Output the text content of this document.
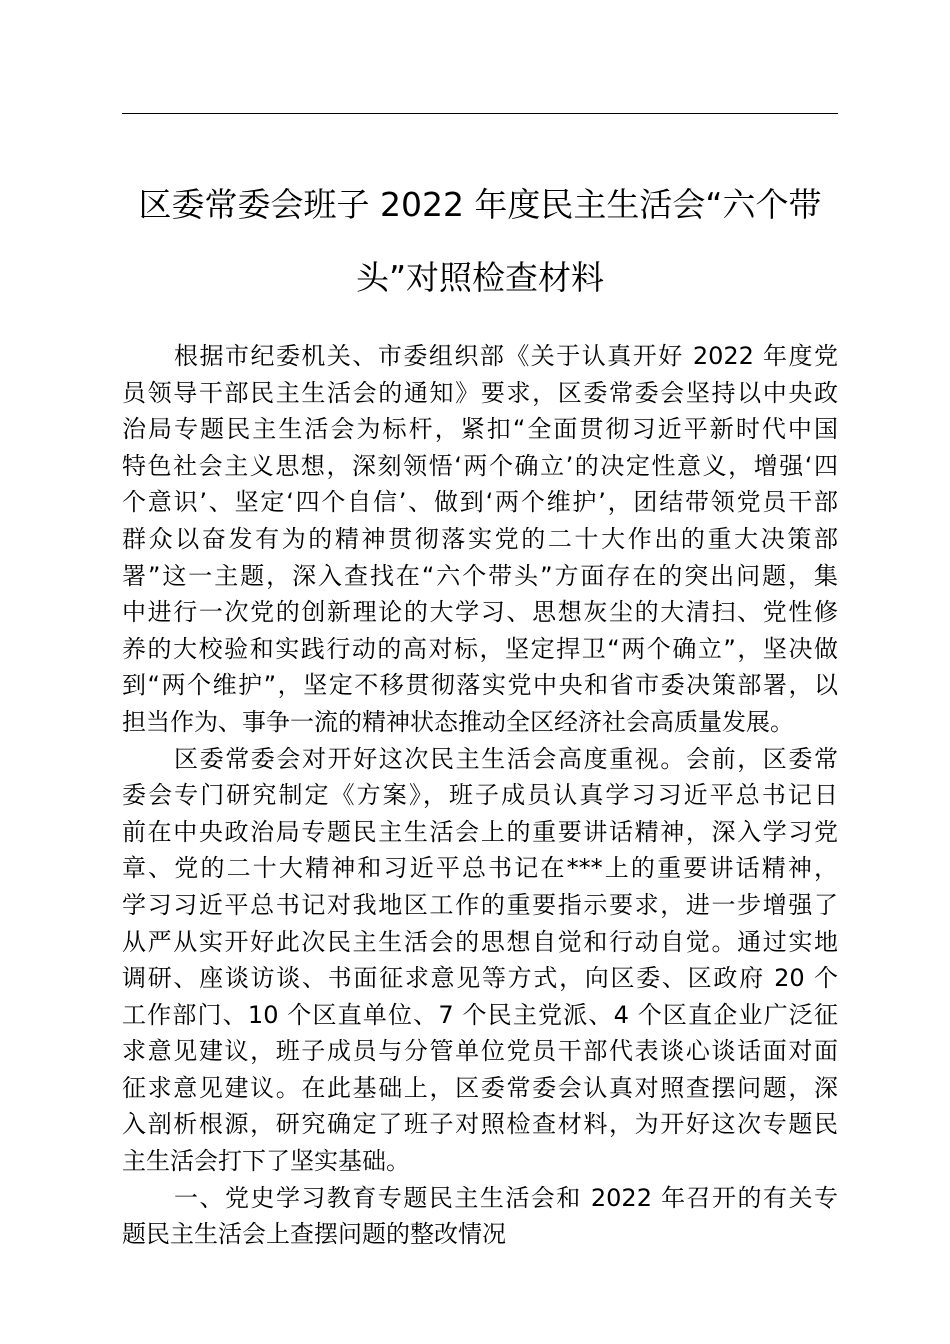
区委常委会班子 2022 年度民主生活会“六个带
头”对照检查材料
根据市纪委机关、市委组织部《关于认真开好 2022 年度党
员领导干部民主生活会的通知》要求，区委常委会坚持以中央政
治局专题民主生活会为标杆，紧扣“全面贯彻习近平新时代中国
特色社会主义思想，深刻领悟‘两个确立’的决定性意义，增强‘四
个意识’、坚定‘四个自信’、做到‘两个维护’，团结带领党员干部
群众以奋发有为的精神贯彻落实党的二十大作出的重大决策部
署”这一主题，深入查找在“六个带头”方面存在的突出问题，集
中进行一次党的创新理论的大学习、思想灰尘的大清扫、党性修
养的大校验和实践行动的高对标，坚定捍卫“两个确立”，坚决做
到“两个维护”，坚定不移贯彻落实党中央和省市委决策部署，以
担当作为、事争一流的精神状态推动全区经济社会高质量发展。
区委常委会对开好这次民主生活会高度重视。会前，区委常
委会专门研究制定《方案》，班子成员认真学习习近平总书记日
前在中央政治局专题民主生活会上的重要讲话精神，深入学习党
章、党的二十大精神和习近平总书记在***上的重要讲话精神，
学习习近平总书记对我地区工作的重要指示要求，进一步增强了
从严从实开好此次民主生活会的思想自觉和行动自觉。通过实地
调研、座谈访谈、书面征求意见等方式，向区委、区政府 20 个
工作部门、10 个区直单位、7 个民主党派、4 个区直企业广泛征
求意见建议，班子成员与分管单位党员干部代表谈心谈话面对面
征求意见建议。在此基础上，区委常委会认真对照查摆问题，深
入剖析根源，研究确定了班子对照检查材料，为开好这次专题民
主生活会打下了坚实基础。
一、党史学习教育专题民主生活会和 2022 年召开的有关专
题民主生活会上查摆问题的整改情况
